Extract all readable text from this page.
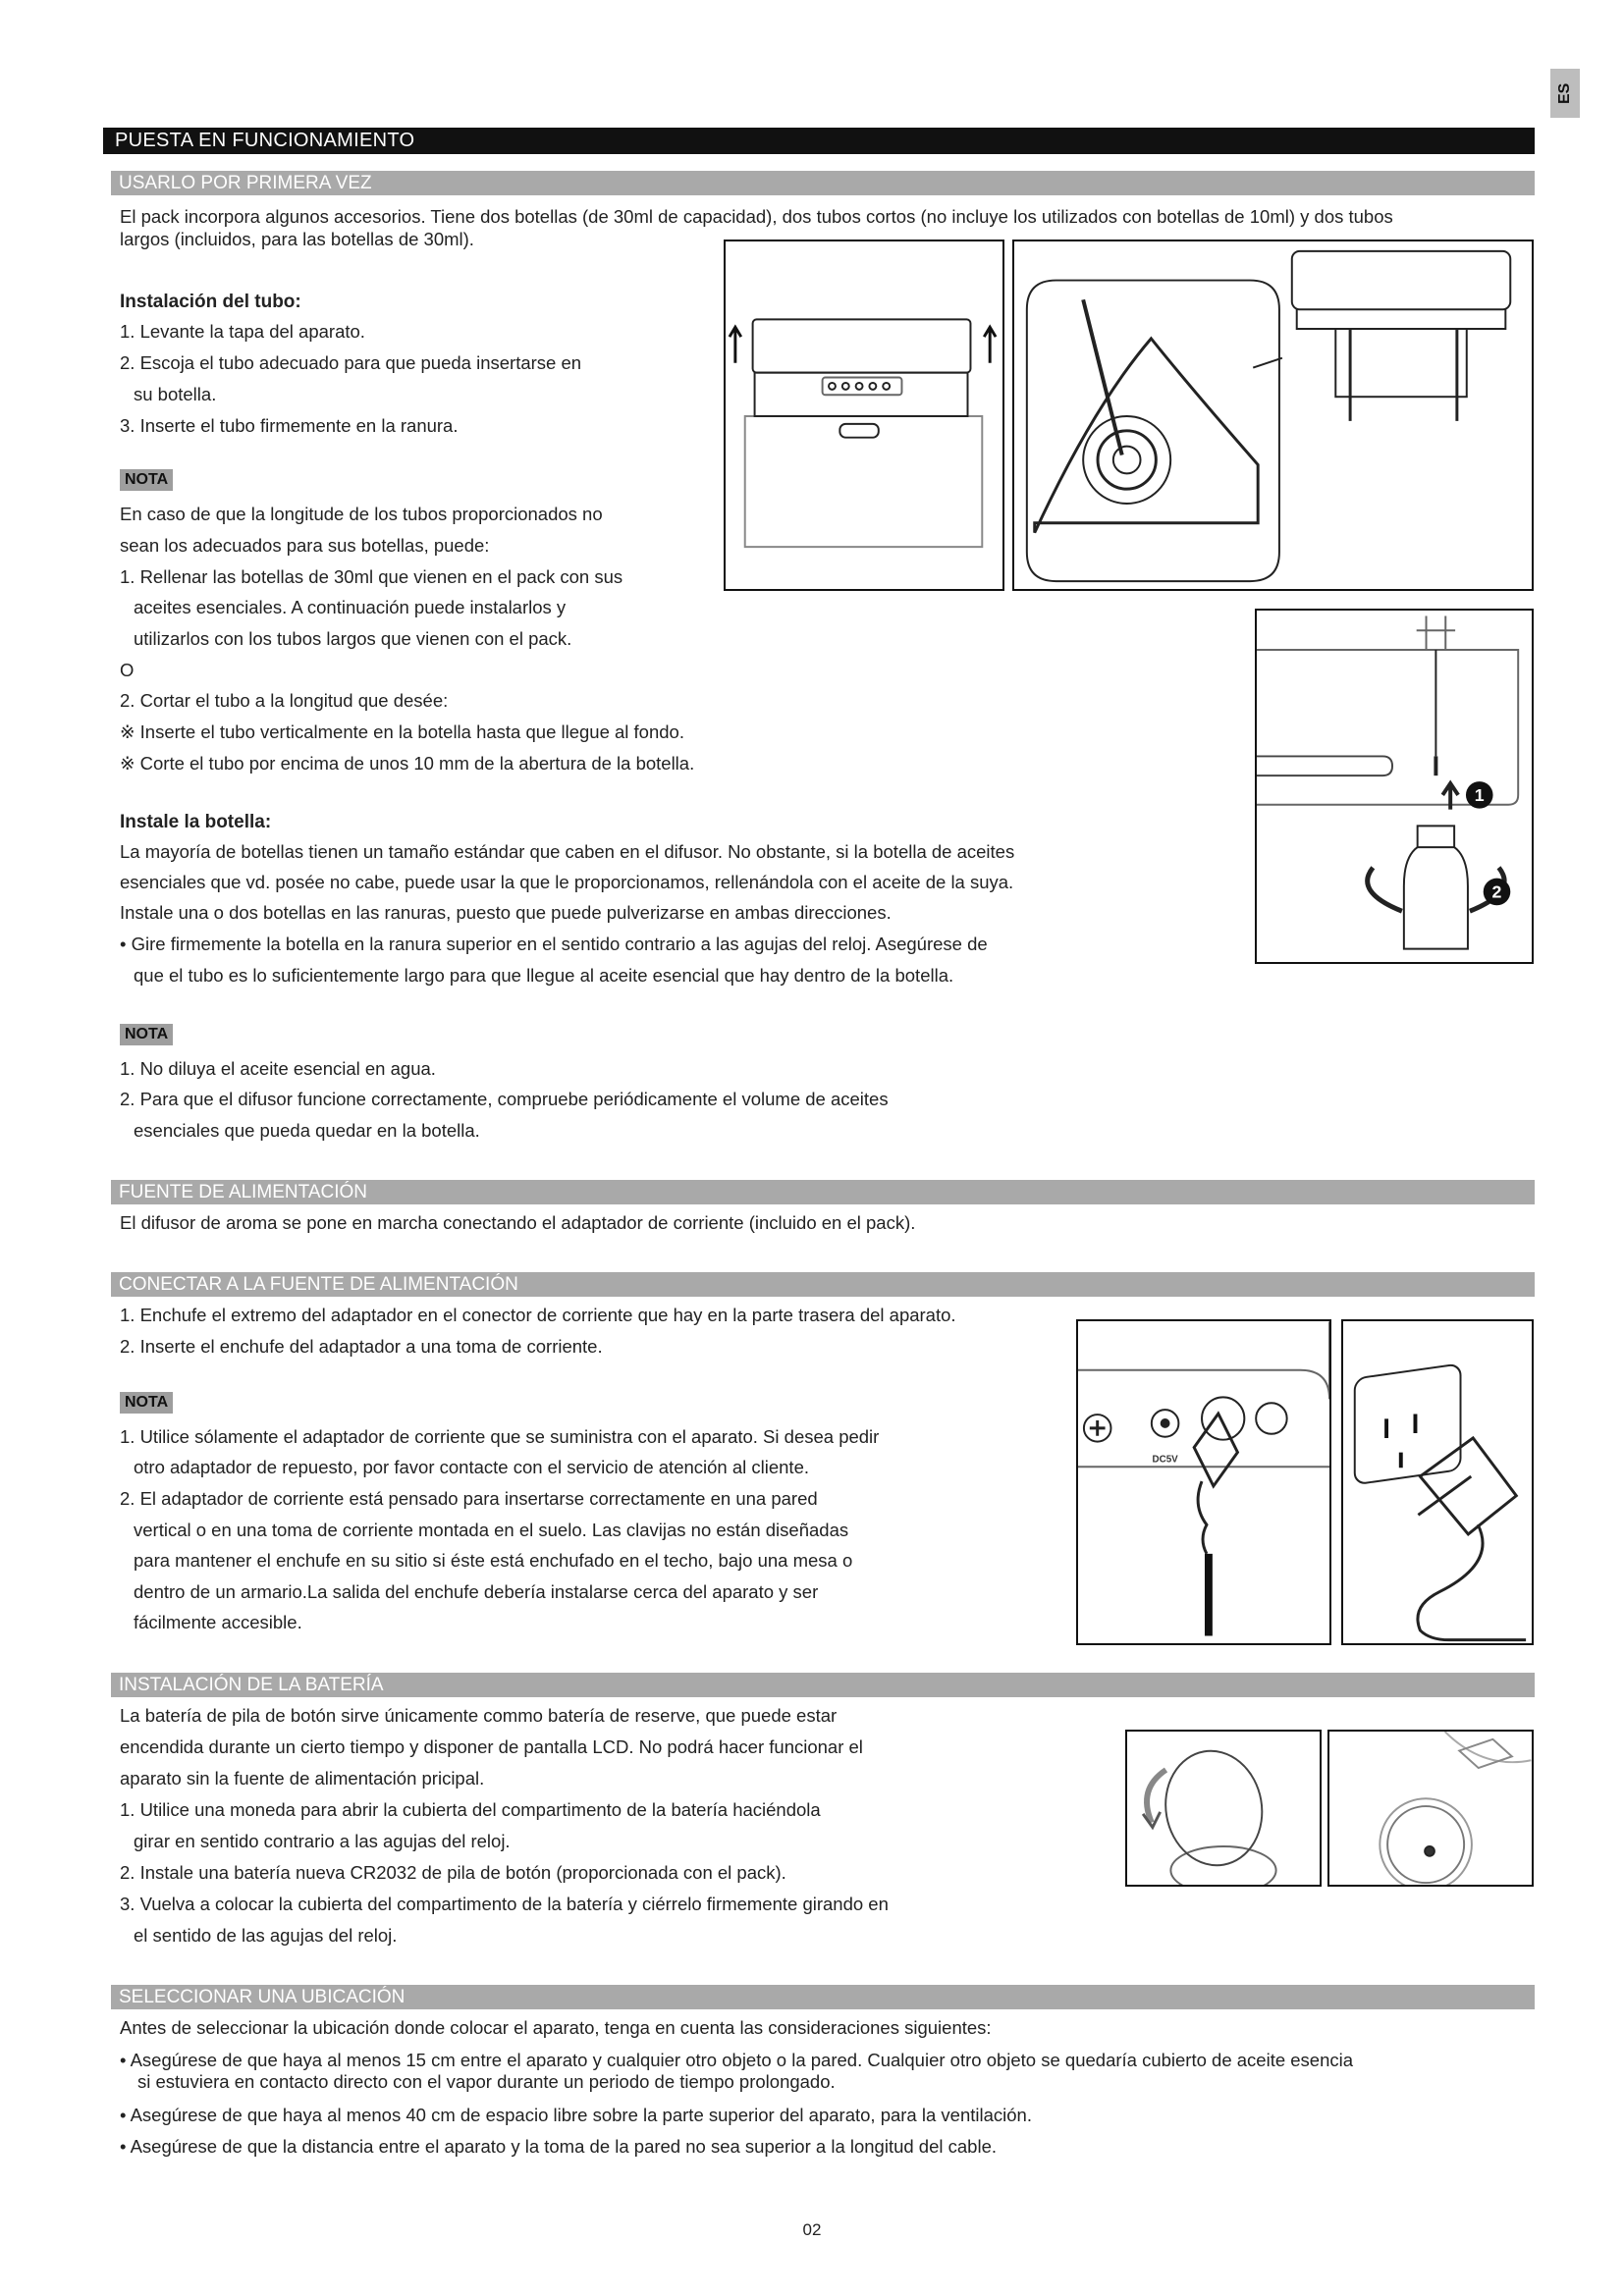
ES
PUESTA EN FUNCIONAMIENTO
USARLO POR PRIMERA VEZ
El pack incorpora algunos accesorios. Tiene dos botellas (de 30ml de capacidad), dos tubos cortos (no incluye los utilizados con botellas de 10ml) y dos tubos
largos (incluidos, para las botellas de 30ml).
Instalación del tubo:
1. Levante la tapa del aparato.
2. Escoja el tubo adecuado para que pueda insertarse en
su botella.
3. Inserte el tubo firmemente en la ranura.
NOTA
En caso de que la longitude de los tubos proporcionados no
sean los adecuados para sus botellas, puede:
1. Rellenar las botellas de 30ml que vienen en el pack con sus
aceites esenciales. A continuación puede instalarlos y
utilizarlos con los tubos largos que vienen con el pack.
O
2. Cortar el tubo a la longitud que desée:
※ Inserte el tubo verticalmente en la botella hasta que llegue al fondo.
※ Corte el tubo por encima de unos 10 mm de la abertura de la botella.
Instale la botella:
La mayoría de botellas tienen un tamaño estándar que caben en el difusor. No obstante, si la botella de aceites
esenciales que vd. posée no cabe, puede usar la que le proporcionamos, rellenándola con el aceite de la suya.
Instale una o dos botellas en las ranuras, puesto que puede pulverizarse en ambas direcciones.
• Gire firmemente la botella en la ranura superior en el sentido contrario a las agujas del reloj. Asegúrese de
que el tubo es lo suficientemente largo para que llegue al aceite esencial que hay dentro de la botella.
NOTA
1. No diluya el aceite esencial en agua.
2. Para que el difusor funcione correctamente, compruebe periódicamente el volume de aceites
esenciales que pueda quedar en la botella.
1
2
FUENTE DE ALIMENTACIÓN
El difusor de aroma se pone en marcha conectando el adaptador de corriente (incluido en el pack).
CONECTAR A LA FUENTE DE ALIMENTACIÓN
1. Enchufe el extremo del adaptador en el conector de corriente que hay en la parte trasera del aparato.
2. Inserte el enchufe del adaptador a una toma de corriente.
NOTA
1. Utilice sólamente el adaptador de corriente que se suministra con el aparato. Si desea pedir
otro adaptador de repuesto, por favor contacte con el servicio de atención al cliente.
2. El adaptador de corriente está pensado para insertarse correctamente en una pared
vertical o en una toma de corriente montada en el suelo. Las clavijas no están diseñadas
para mantener el enchufe en su sitio si éste está enchufado en el techo, bajo una mesa o
dentro de un armario.La salida del enchufe debería instalarse cerca del aparato y ser
fácilmente accesible.
DC5V
INSTALACIÓN DE LA BATERÍA
La batería de pila de botón sirve únicamente commo batería de reserve, que puede estar
encendida durante un cierto tiempo y disponer de pantalla LCD. No podrá hacer funcionar el
aparato sin la fuente de alimentación pricipal.
1. Utilice una moneda para abrir la cubierta del compartimento de la batería haciéndola
girar en sentido contrario a las agujas del reloj.
2. Instale una batería nueva CR2032 de pila de botón (proporcionada con el pack).
3. Vuelva a colocar la cubierta del compartimento de la batería y ciérrelo firmemente girando en
el sentido de las agujas del reloj.
SELECCIONAR UNA UBICACIÓN
Antes de seleccionar la ubicación donde colocar el aparato, tenga en cuenta las consideraciones siguientes:
• Asegúrese de que haya al menos 15 cm entre el aparato y cualquier otro objeto o la pared. Cualquier otro objeto se quedaría cubierto de aceite esencia
si estuviera en contacto directo con el vapor durante un periodo de tiempo prolongado.
• Asegúrese de que haya al menos 40 cm de espacio libre sobre la parte superior del aparato, para la ventilación.
• Asegúrese de que la distancia entre el aparato y la toma de la pared no sea superior a la longitud del cable.
02
